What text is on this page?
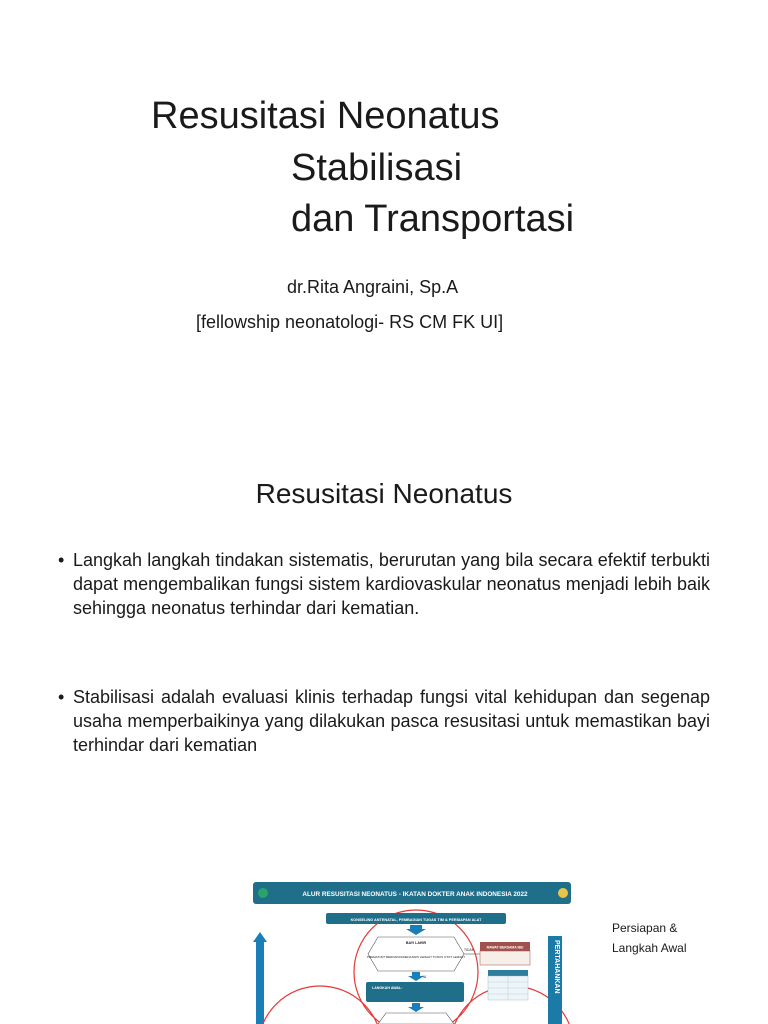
Resusitasi Neonatus
Stabilisasi
dan Transportasi
dr.Rita Angraini, Sp.A
[fellowship neonatologi- RS CM FK UI]
Resusitasi Neonatus
• Langkah langkah tindakan sistematis, berurutan yang bila secara efektif terbukti dapat mengembalikan fungsi sistem kardiovaskular neonatus menjadi lebih baik sehingga neonatus terhindar dari kematian.
• Stabilisasi adalah evaluasi klinis terhadap fungsi vital kehidupan dan segenap usaha memperbaikinya yang dilakukan pasca resusitasi untuk memastikan bayi terhindar dari kematian
ALUR RESUSITASI NEONATUS - IKATAN DOKTER ANAK INDONESIA 2022
KONSELING ANTENATAL, PEMBAGIAN TUGAS TIM & PERSIAPAN ALAT
BAYI LAHIR
PREMATUR? BERNAPAS/MENANGIS LEMAH? TONUS OTOT LEMAH?
TIDAK
RAWAT BERSAMA IBU
YA
LANGKAH AWAL:	PERTAHANKAN
Persiapan & Langkah Awal
